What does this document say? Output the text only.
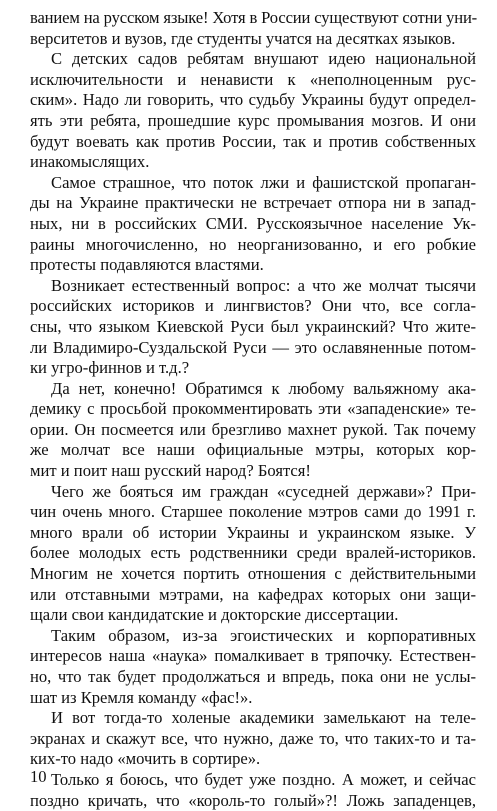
ванием на русском языке! Хотя в России существуют сотни уни-
верситетов и вузов, где студенты учатся на десятках языков.
С детских садов ребятам внушают идею национальной
исключительности и ненависти к «неполноценным рус-
ским». Надо ли говорить, что судьбу Украины будут определ-
ять эти ребята, прошедшие курс промывания мозгов. И они
будут воевать как против России, так и против собственных
инакомыслящих.
Самое страшное, что поток лжи и фашистской пропаган-
ды на Украине практически не встречает отпора ни в запад-
ных, ни в российских СМИ. Русскоязычное население Ук-
раины многочисленно, но неорганизованно, и его робкие
протесты подавляются властями.
Возникает естественный вопрос: а что же молчат тысячи
российских историков и лингвистов? Они что, все согла-
сны, что языком Киевской Руси был украинский? Что жите-
ли Владимиро-Суздальской Руси — это ославяненные потом-
ки угро-финнов и т.д.?
Да нет, конечно! Обратимся к любому вальяжному ака-
демику с просьбой прокомментировать эти «западенские» те-
ории. Он посмеется или брезгливо махнет рукой. Так почему
же молчат все наши официальные мэтры, которых кор-
мит и поит наш русский народ? Боятся!
Чего же бояться им граждан «суседней держави»? При-
чин очень много. Старшее поколение мэтров сами до 1991 г.
много врали об истории Украины и украинском языке. У
более молодых есть родственники среди вралей-историков.
Многим не хочется портить отношения с действительными
или отставными мэтрами, на кафедрах которых они защи-
щали свои кандидатские и докторские диссертации.
Таким образом, из-за эгоистических и корпоративных
интересов наша «наука» помалкивает в тряпочку. Естествен-
но, что так будет продолжаться и впредь, пока они не услы-
шат из Кремля команду «фас!».
И вот тогда-то холеные академики замелькают на теле-
экранах и скажут все, что нужно, даже то, что таких-то и та-
ких-то надо «мочить в сортире».
Только я боюсь, что будет уже поздно. А может, и сейчас
поздно кричать, что «король-то голый»?! Ложь западенцев,
10
